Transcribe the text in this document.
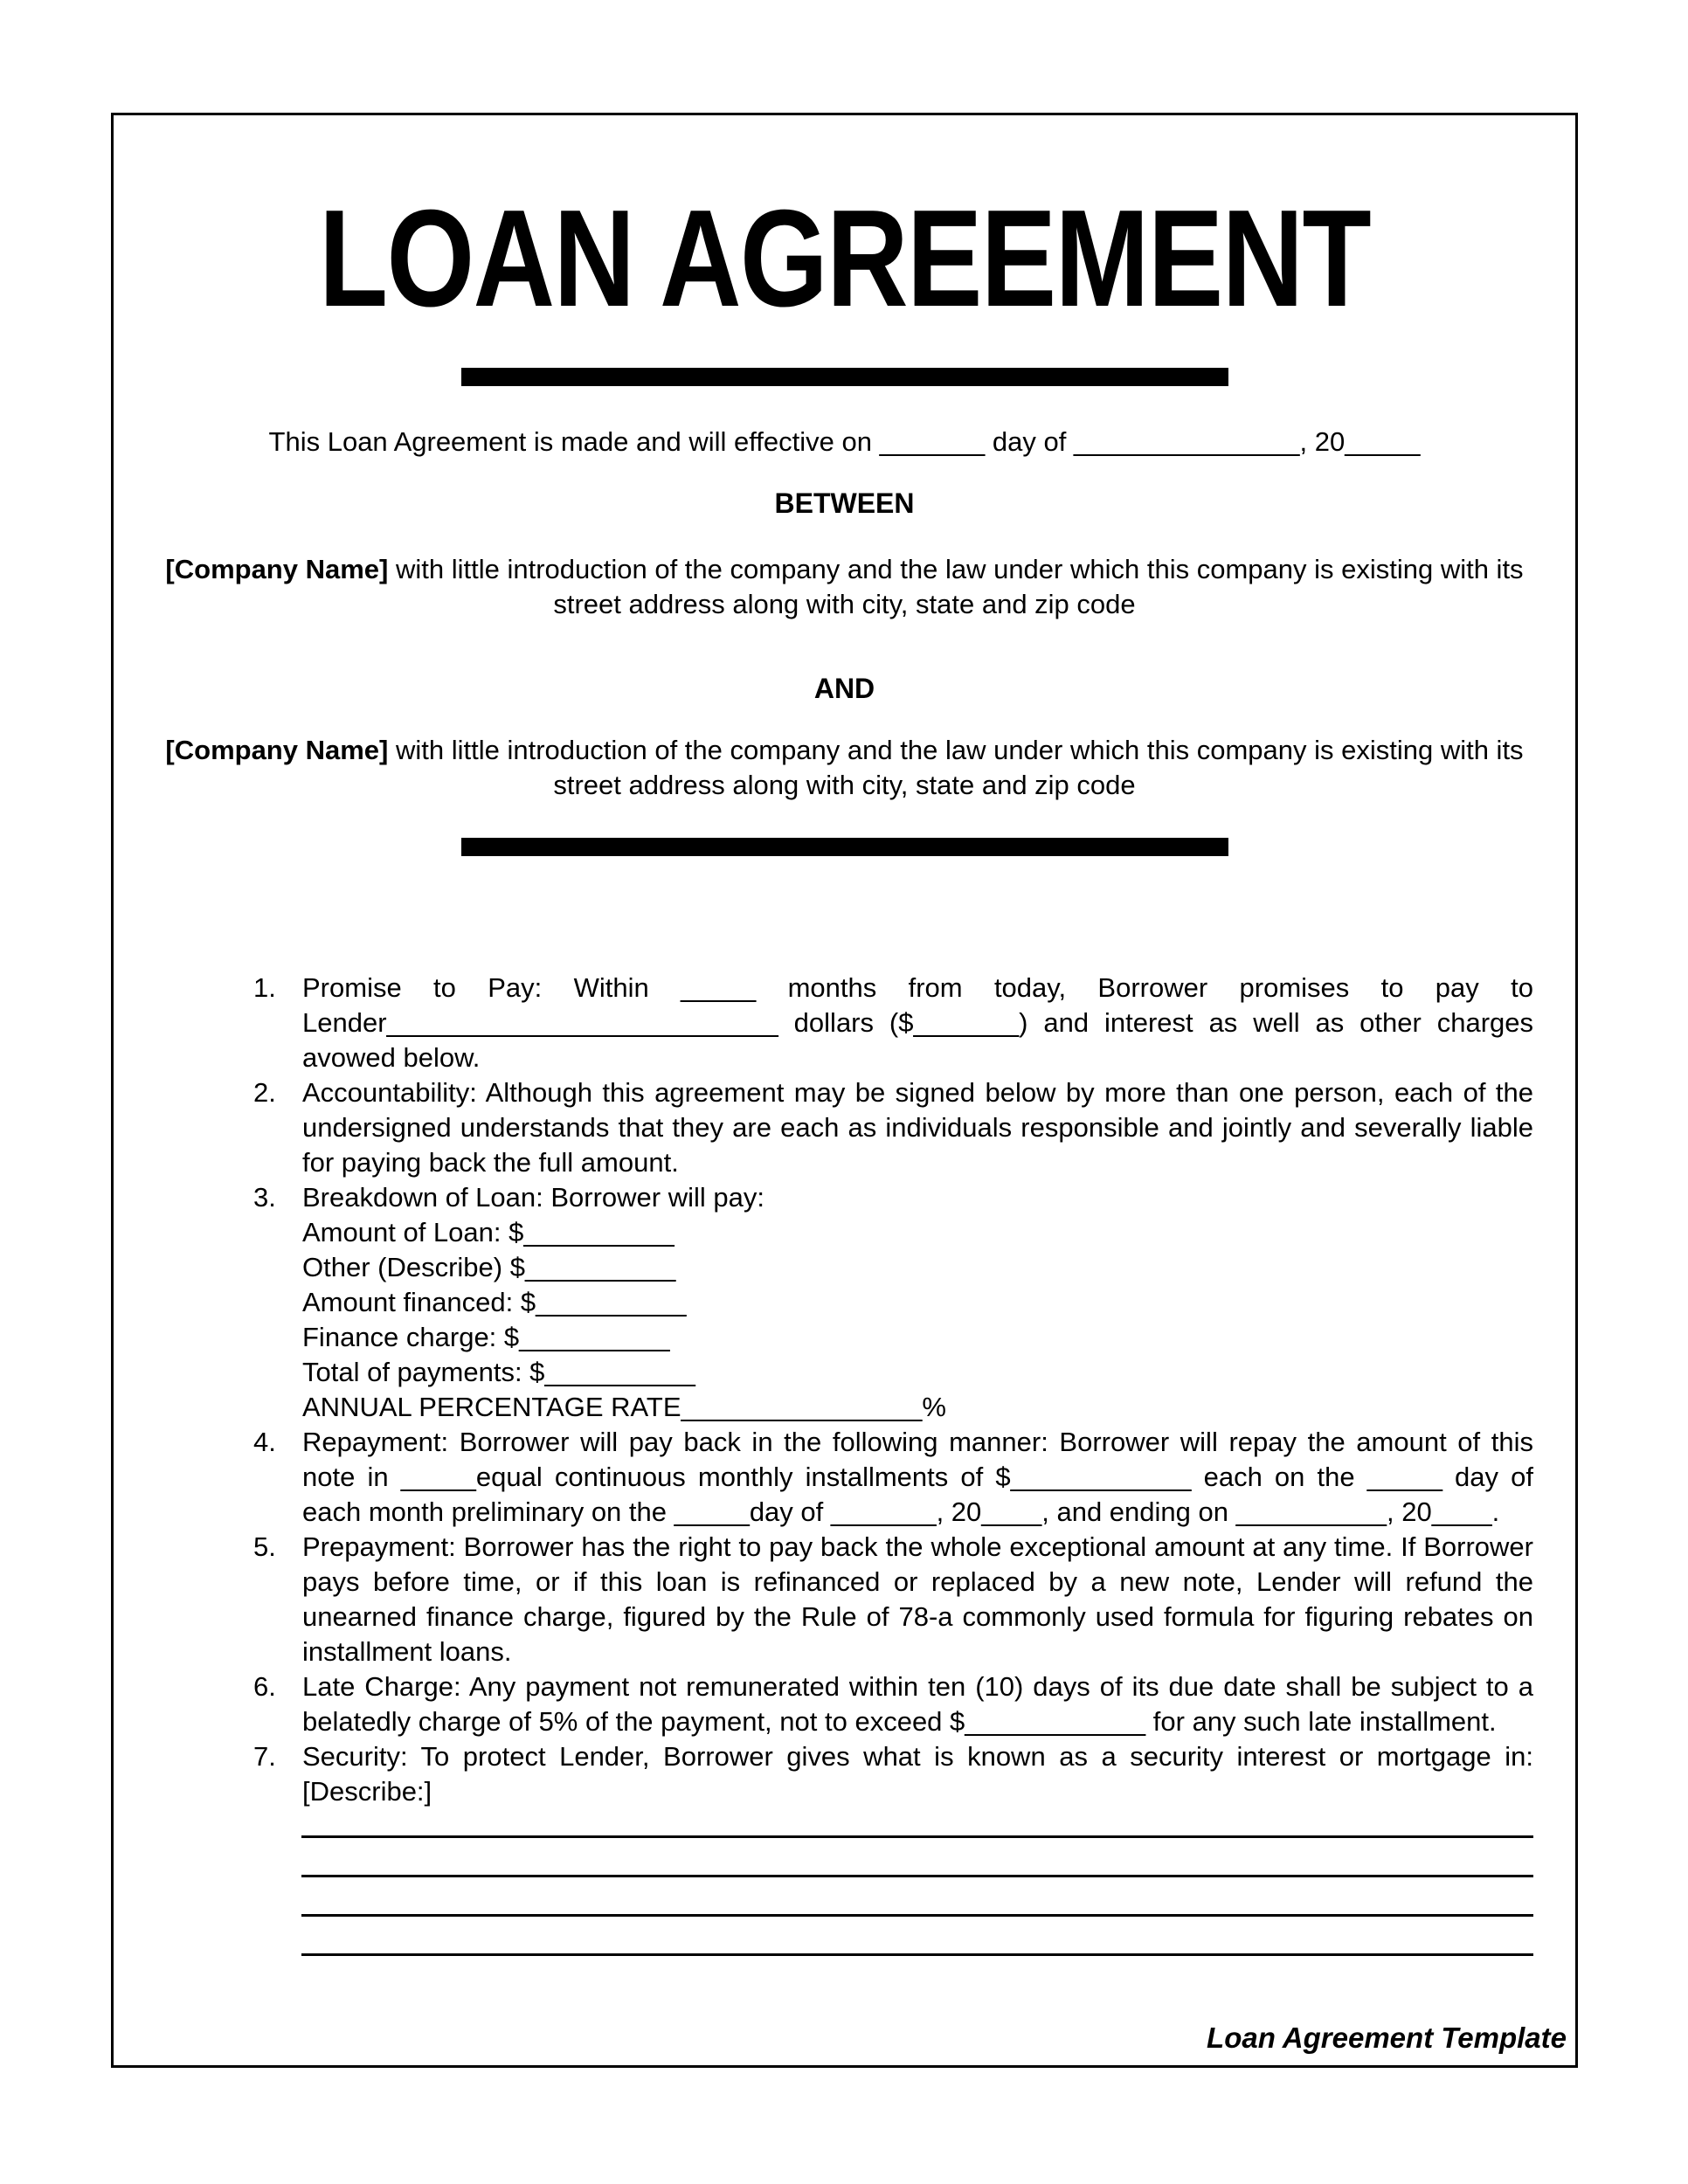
LOAN AGREEMENT

This Loan Agreement is made and will effective on _______ day of _______________, 20_____

BETWEEN

[Company Name] with little introduction of the company and the law under which this company is existing with its street address along with city, state and zip code

AND

[Company Name] with little introduction of the company and the law under which this company is existing with its street address along with city, state and zip code

1. Promise to Pay: Within _____ months from today, Borrower promises to pay to Lender__________________________ dollars ($_______) and interest as well as other charges avowed below.

2. Accountability: Although this agreement may be signed below by more than one person, each of the undersigned understands that they are each as individuals responsible and jointly and severally liable for paying back the full amount.

3. Breakdown of Loan: Borrower will pay:

Amount of Loan: $__________

Other (Describe) $__________

Amount financed: $__________

Finance charge: $__________

Total of payments: $__________

ANNUAL PERCENTAGE RATE________________%

4. Repayment: Borrower will pay back in the following manner: Borrower will repay the amount of this note in _____equal continuous monthly installments of $____________ each on the _____ day of each month preliminary on the _____day of _______, 20____, and ending on __________, 20____.

5. Prepayment: Borrower has the right to pay back the whole exceptional amount at any time. If Borrower pays before time, or if this loan is refinanced or replaced by a new note, Lender will refund the unearned finance charge, figured by the Rule of 78-a commonly used formula for figuring rebates on installment loans.

6. Late Charge: Any payment not remunerated within ten (10) days of its due date shall be subject to a belatedly charge of 5% of the payment, not to exceed $____________ for any such late installment.

7. Security: To protect Lender, Borrower gives what is known as a security interest or mortgage in:

[Describe:]

Loan Agreement Template
